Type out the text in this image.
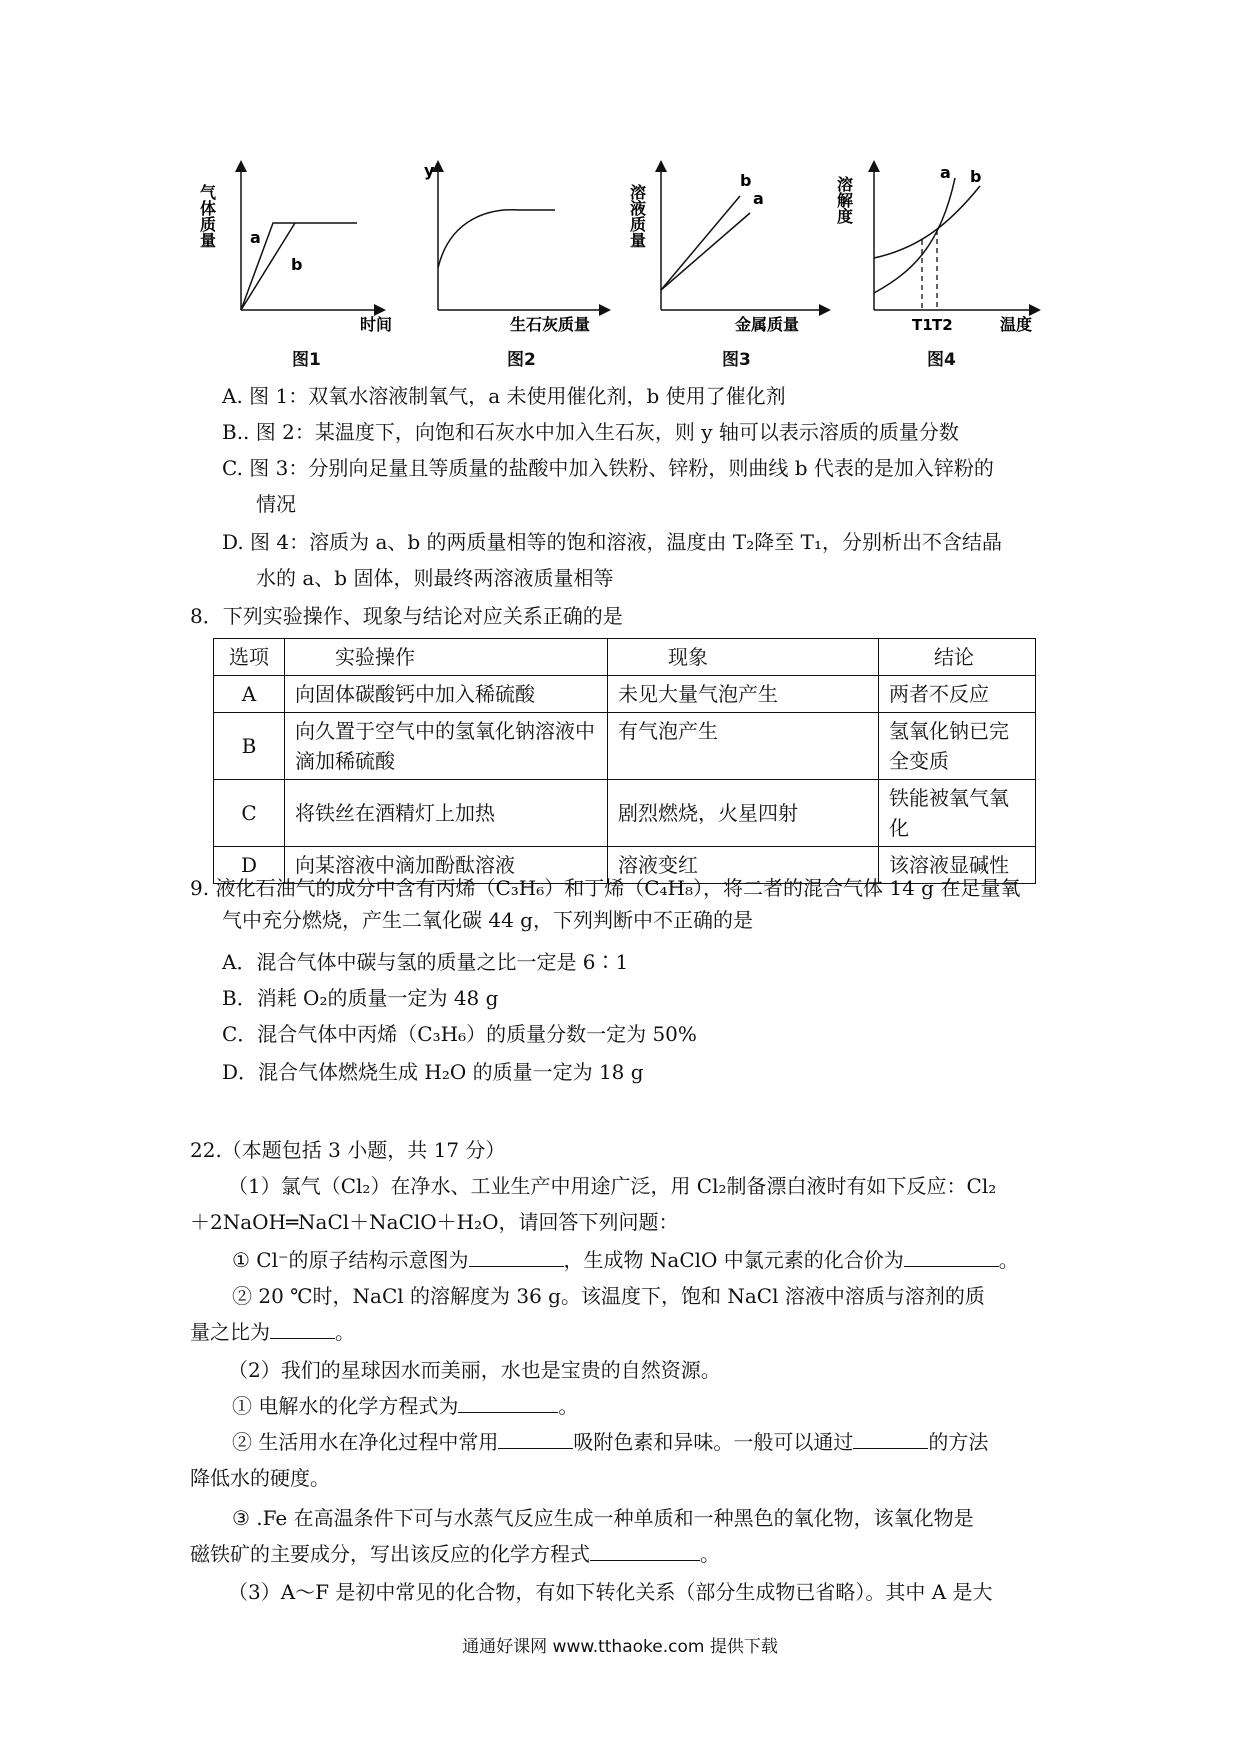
气体质量 a
b
时间
图1
y
生石灰质量
图2
溶液质量
b
a
金属质量
图3
溶解度
a b
T1 T2	温度
图4
A. 图 1：双氧水溶液制氧气，a 未使用催化剂，b 使用了催化剂
B.. 图 2：某温度下，向饱和石灰水中加入生石灰，则 y 轴可以表示溶质的质量分数
C. 图 3：分别向足量且等质量的盐酸中加入铁粉、锌粉，则曲线 b 代表的是加入锌粉的
情况
D. 图 4：溶质为 a、b 的两质量相等的饱和溶液，温度由 T₂降至 T₁，分别析出不含结晶
水的 a、b 固体，则最终两溶液质量相等
8．下列实验操作、现象与结论对应关系正确的是
选项	实验操作	现象	结论
A	向固体碳酸钙中加入稀硫酸	未见大量气泡产生	两者不反应
B	向久置于空气中的氢氧化钠溶液中滴加稀硫酸	有气泡产生	氢氧化钠已完全变质
C	将铁丝在酒精灯上加热	剧烈燃烧，火星四射	铁能被氧气氧化
D	向某溶液中滴加酚酞溶液	溶液变红	该溶液显碱性
9. 液化石油气的成分中含有丙烯（C₃H₆）和丁烯（C₄H₈），将二者的混合气体 14 g 在足量氧
气中充分燃烧，产生二氧化碳 44 g，下列判断中不正确的是
A．混合气体中碳与氢的质量之比一定是 6∶1
B．消耗 O₂的质量一定为 48 g
C．混合气体中丙烯（C₃H₆）的质量分数一定为 50%
D．混合气体燃烧生成 H₂O 的质量一定为 18 g
22.（本题包括 3 小题，共 17 分）
（1）氯气（Cl₂）在净水、工业生产中用途广泛，用 Cl₂制备漂白液时有如下反应：Cl₂
＋2NaOH═NaCl＋NaClO＋H₂O，请回答下列问题：
① Cl⁻的原子结构示意图为	，生成物 NaClO 中氯元素的化合价为	。
② 20 ℃时，NaCl 的溶解度为 36 g。该温度下，饱和 NaCl 溶液中溶质与溶剂的质
量之比为	。
（2）我们的星球因水而美丽，水也是宝贵的自然资源。
① 电解水的化学方程式为	。
② 生活用水在净化过程中常用	吸附色素和异味。一般可以通过	的方法
降低水的硬度。
③ .Fe 在高温条件下可与水蒸气反应生成一种单质和一种黑色的氧化物，该氧化物是
磁铁矿的主要成分，写出该反应的化学方程式	。
（3）A～F 是初中常见的化合物，有如下转化关系（部分生成物已省略）。其中 A 是大
通通好课网 www.tthaoke.com 提供下载
